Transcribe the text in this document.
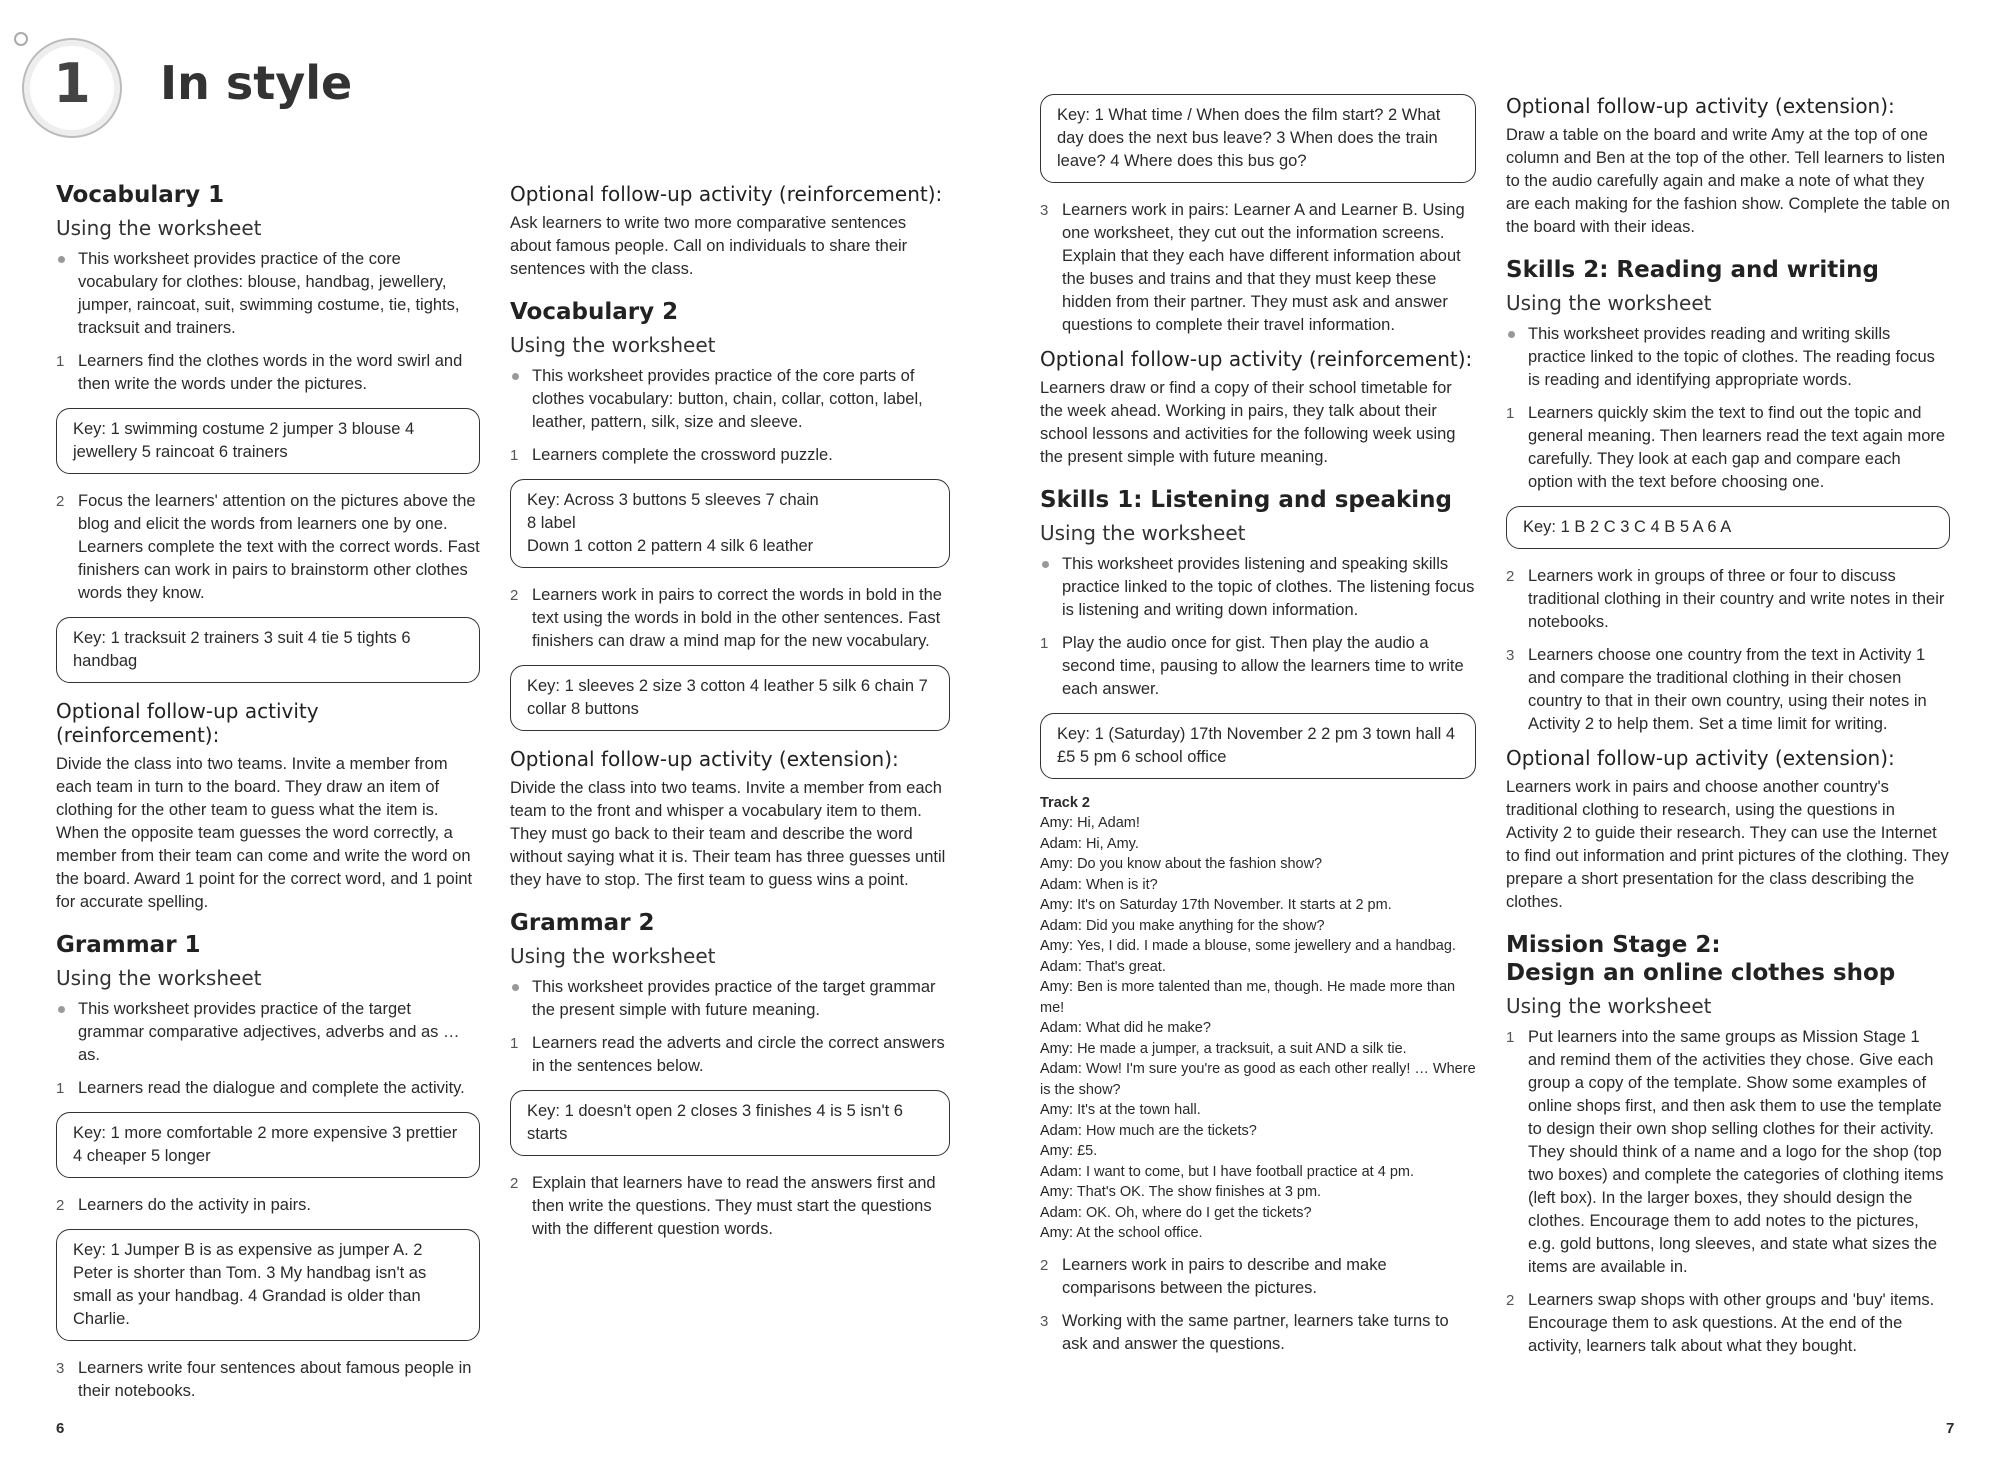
1	In style
Vocabulary 1
Using the worksheet
This worksheet provides practice of the core vocabulary for clothes: blouse, handbag, jewellery, jumper, raincoat, suit, swimming costume, tie, tights, tracksuit and trainers.
1 Learners find the clothes words in the word swirl and then write the words under the pictures.
Key: 1 swimming costume 2 jumper 3 blouse 4 jewellery 5 raincoat 6 trainers
2 Focus the learners' attention on the pictures above the blog and elicit the words from learners one by one. Learners complete the text with the correct words. Fast finishers can work in pairs to brainstorm other clothes words they know.
Key: 1 tracksuit 2 trainers 3 suit 4 tie 5 tights 6 handbag
Optional follow-up activity (reinforcement):

Divide the class into two teams. Invite a member from each team in turn to the board. They draw an item of clothing for the other team to guess what the item is. When the opposite team guesses the word correctly, a member from their team can come and write the word on the board. Award 1 point for the correct word, and 1 point for accurate spelling.

Grammar 1
Using the worksheet
This worksheet provides practice of the target grammar comparative adjectives, adverbs and as … as.
1 Learners read the dialogue and complete the activity.
Key: 1 more comfortable 2 more expensive 3 prettier 4 cheaper 5 longer
2 Learners do the activity in pairs.
Key: 1 Jumper B is as expensive as jumper A. 2 Peter is shorter than Tom. 3 My handbag isn't as small as your handbag. 4 Grandad is older than Charlie.
3 Learners write four sentences about famous people in their notebooks.
Optional follow-up activity (reinforcement):

Ask learners to write two more comparative sentences about famous people. Call on individuals to share their sentences with the class.

Vocabulary 2
Using the worksheet
This worksheet provides practice of the core parts of clothes vocabulary: button, chain, collar, cotton, label, leather, pattern, silk, size and sleeve.
1 Learners complete the crossword puzzle.
Key: Across 3 buttons 5 sleeves 7 chain
8 label
Down 1 cotton 2 pattern 4 silk 6 leather
2 Learners work in pairs to correct the words in bold in the text using the words in bold in the other sentences. Fast finishers can draw a mind map for the new vocabulary.
Key: 1 sleeves 2 size 3 cotton 4 leather 5 silk 6 chain 7 collar 8 buttons
Optional follow-up activity (extension):

Divide the class into two teams. Invite a member from each team to the front and whisper a vocabulary item to them. They must go back to their team and describe the word without saying what it is. Their team has three guesses until they have to stop. The first team to guess wins a point.

Grammar 2
Using the worksheet
This worksheet provides practice of the target grammar the present simple with future meaning.
1 Learners read the adverts and circle the correct answers in the sentences below.
Key: 1 doesn't open 2 closes 3 finishes 4 is 5 isn't 6 starts
2 Explain that learners have to read the answers first and then write the questions. They must start the questions with the different question words.
6
Key: 1 What time / When does the film start? 2 What day does the next bus leave? 3 When does the train leave? 4 Where does this bus go?
3 Learners work in pairs: Learner A and Learner B. Using one worksheet, they cut out the information screens. Explain that they each have different information about the buses and trains and that they must keep these hidden from their partner. They must ask and answer questions to complete their travel information.
Optional follow-up activity (reinforcement):

Learners draw or find a copy of their school timetable for the week ahead. Working in pairs, they talk about their school lessons and activities for the following week using the present simple with future meaning.

Skills 1: Listening and speaking
Using the worksheet
This worksheet provides listening and speaking skills practice linked to the topic of clothes. The listening focus is listening and writing down information.
1 Play the audio once for gist. Then play the audio a second time, pausing to allow the learners time to write each answer.
Key: 1 (Saturday) 17th November 2 2 pm 3 town hall 4 £5 5 pm 6 school office
Track 2
Amy: Hi, Adam!
Adam: Hi, Amy.
Amy: Do you know about the fashion show?
Adam: When is it?
Amy: It's on Saturday 17th November. It starts at 2 pm.
Adam: Did you make anything for the show?
Amy: Yes, I did. I made a blouse, some jewellery and a handbag.
Adam: That's great.
Amy: Ben is more talented than me, though. He made more than me!
Adam: What did he make?
Amy: He made a jumper, a tracksuit, a suit AND a silk tie.
Adam: Wow! I'm sure you're as good as each other really! … Where is the show?
Amy: It's at the town hall.
Adam: How much are the tickets?
Amy: £5.
Adam: I want to come, but I have football practice at 4 pm.
Amy: That's OK. The show finishes at 3 pm.
Adam: OK. Oh, where do I get the tickets?
Amy: At the school office.
2 Learners work in pairs to describe and make comparisons between the pictures.
3 Working with the same partner, learners take turns to ask and answer the questions.
Optional follow-up activity (extension):

Draw a table on the board and write Amy at the top of one column and Ben at the top of the other. Tell learners to listen to the audio carefully again and make a note of what they are each making for the fashion show. Complete the table on the board with their ideas.

Skills 2: Reading and writing
Using the worksheet
This worksheet provides reading and writing skills practice linked to the topic of clothes. The reading focus is reading and identifying appropriate words.
1 Learners quickly skim the text to find out the topic and general meaning. Then learners read the text again more carefully. They look at each gap and compare each option with the text before choosing one.
Key: 1 B 2 C 3 C 4 B 5 A 6 A
2 Learners work in groups of three or four to discuss traditional clothing in their country and write notes in their notebooks.
3 Learners choose one country from the text in Activity 1 and compare the traditional clothing in their chosen country to that in their own country, using their notes in Activity 2 to help them. Set a time limit for writing.
Optional follow-up activity (extension):

Learners work in pairs and choose another country's traditional clothing to research, using the questions in Activity 2 to guide their research. They can use the Internet to find out information and print pictures of the clothing. They prepare a short presentation for the class describing the clothes.

Mission Stage 2:
Design an online clothes shop
Using the worksheet
1 Put learners into the same groups as Mission Stage 1 and remind them of the activities they chose. Give each group a copy of the template. Show some examples of online shops first, and then ask them to use the template to design their own shop selling clothes for their activity. They should think of a name and a logo for the shop (top two boxes) and complete the categories of clothing items (left box). In the larger boxes, they should design the clothes. Encourage them to add notes to the pictures, e.g. gold buttons, long sleeves, and state what sizes the items are available in.
2 Learners swap shops with other groups and 'buy' items. Encourage them to ask questions. At the end of the activity, learners talk about what they bought.
7
